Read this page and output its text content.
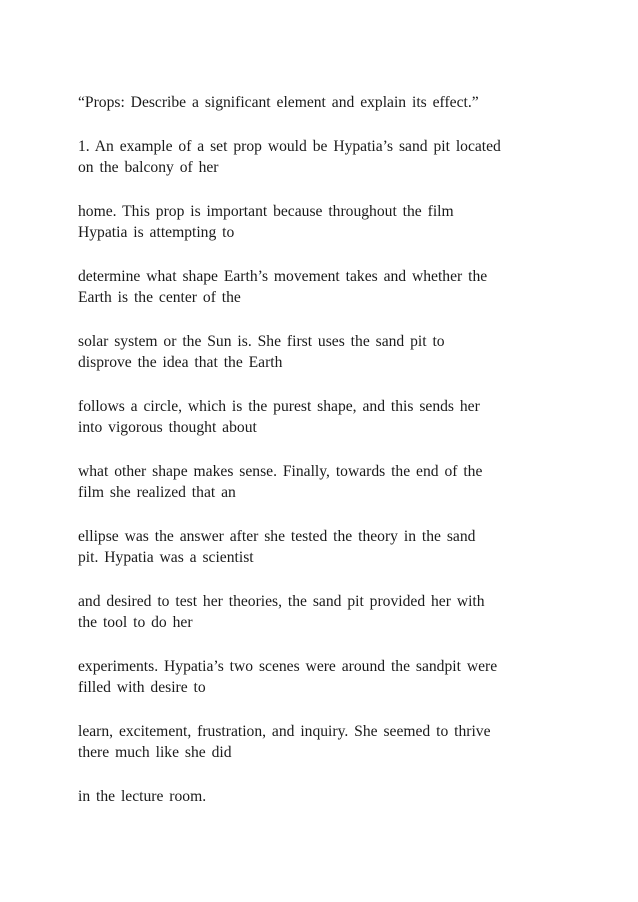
“Props: Describe a significant element and explain its effect.”

1. An example of a set prop would be Hypatia’s sand pit located
on the balcony of her

home. This prop is important because throughout the film
Hypatia is attempting to

determine what shape Earth’s movement takes and whether the
Earth is the center of the

solar system or the Sun is. She first uses the sand pit to
disprove the idea that the Earth

follows a circle, which is the purest shape, and this sends her
into vigorous thought about

what other shape makes sense. Finally, towards the end of the
film she realized that an

ellipse was the answer after she tested the theory in the sand
pit. Hypatia was a scientist

and desired to test her theories, the sand pit provided her with
the tool to do her

experiments. Hypatia’s two scenes were around the sandpit were
filled with desire to

learn, excitement, frustration, and inquiry. She seemed to thrive
there much like she did

in the lecture room.
